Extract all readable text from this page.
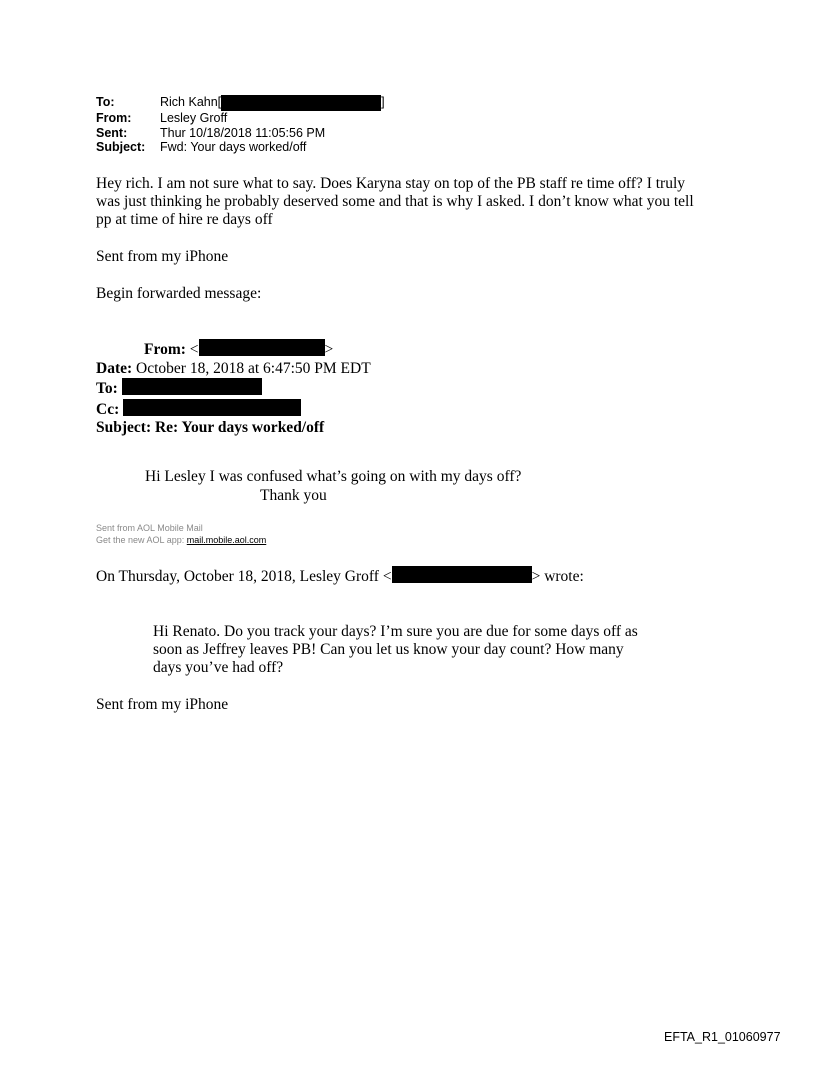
To:	Rich Kahn[	]
From:	Lesley Groff
Sent:	Thur 10/18/2018 11:05:56 PM
Subject:	Fwd: Your days worked/off
Hey rich. I am not sure what to say. Does Karyna stay on top of the PB staff re time off? I truly
was just thinking he probably deserved some and that is why I asked. I don’t know what you tell
pp at time of hire re days off
Sent from my iPhone
Begin forwarded message:
From: <	>
Date: October 18, 2018 at 6:47:50 PM EDT
To:
Cc:
Subject: Re: Your days worked/off
Hi Lesley I was confused what’s going on with my days off?
Thank you
Sent from AOL Mobile Mail
Get the new AOL app: mail.mobile.aol.com
On Thursday, October 18, 2018, Lesley Groff <	> wrote:
Hi Renato. Do you track your days? I’m sure you are due for some days off as
soon as Jeffrey leaves PB! Can you let us know your day count? How many
days you’ve had off?
Sent from my iPhone
EFTA_R1_01060977
